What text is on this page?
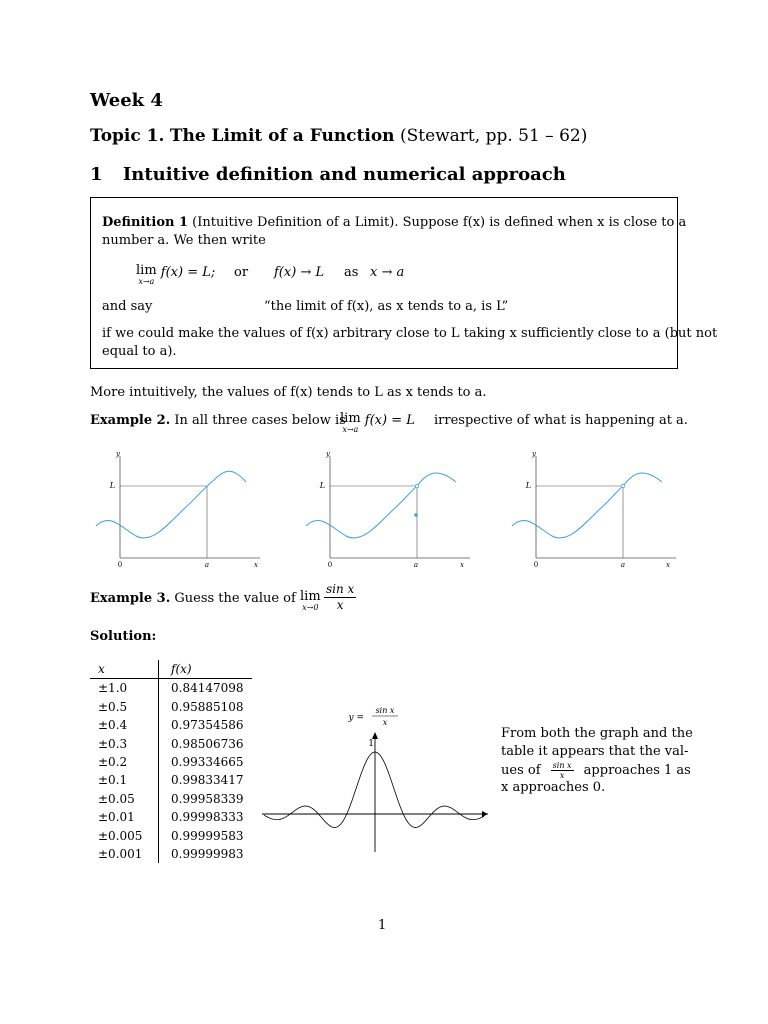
Week 4
Topic 1. The Limit of a Function (Stewart, pp. 51 – 62)
1 Intuitive definition and numerical approach
Definition 1 (Intuitive Definition of a Limit). Suppose f(x) is defined when x is close to a
number a. We then write
lim
x→a
f(x) = L; or f(x) → L as x → a
and say	“the limit of f(x), as x tends to a, is L”
if we could make the values of f(x) arbitrary close to L taking x sufficiently close to a (but not
equal to a).
More intuitively, the values of f(x) tends to L as x tends to a.
Example 2. In all three cases below is
lim
x→a
f(x) = L irrespective of what is happening at a.
y
L
0	a	x
y
L
0	a	x
y
L
0	a	x
Example 3. Guess the value of lim
$x\to 0 \frac{\text{sin x}}{x}$
Solution:
x	f(x)
±1.0	0.84147098
±0.5	0.95885108
±0.4	0.97354586
±0.3	0.98506736
±0.2	0.99334665
±0.1	0.99833417
±0.05	0.99958339
±0.01	0.99998333
±0.005	0.99999583
±0.001	0.99999983
1
y =
sin x
x
From both the graph and the
table it appears that the val-
ues of $\frac{\text{sin x}}{x}$ approaches 1 as
x approaches 0.
1
